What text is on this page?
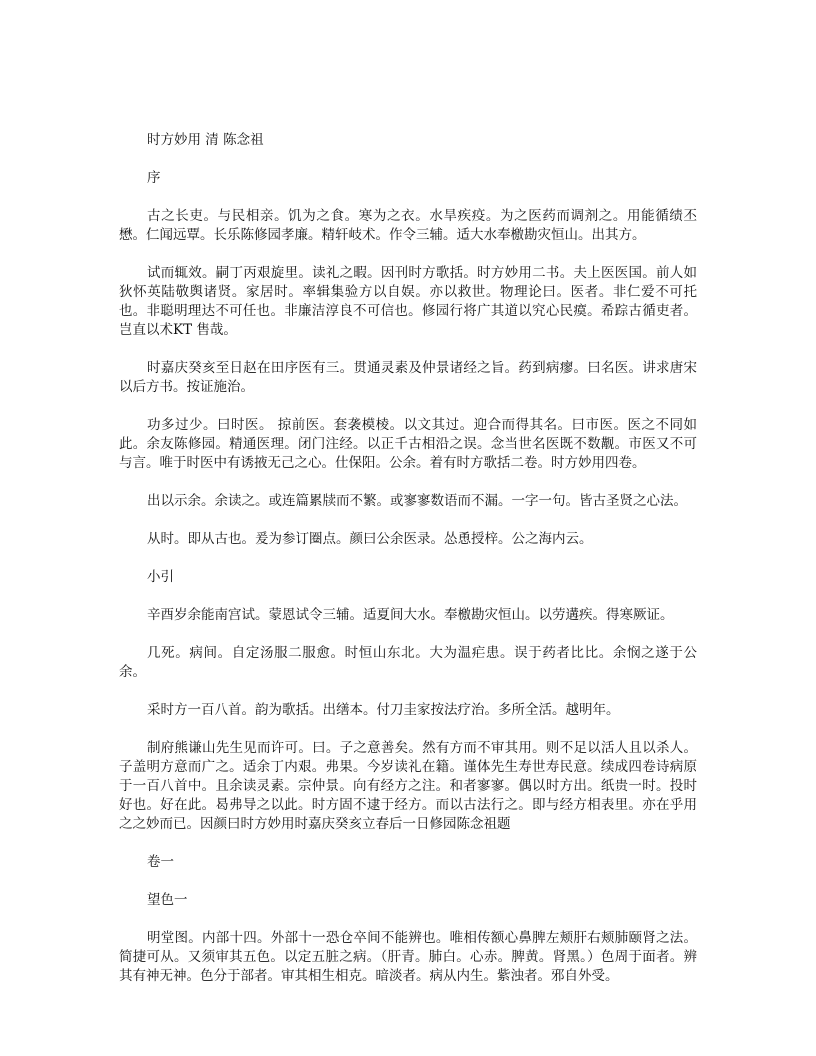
时方妙用 清 陈念祖

序

古之长吏。与民相亲。饥为之食。寒为之衣。水旱疾疫。为之医药而调剂之。用能循绩丕懋。仁闻远覃。长乐陈修园孝廉。精轩岐术。作令三辅。适大水奉檄勘灾恒山。出其方。

试而辄效。嗣丁丙艰旋里。读礼之暇。因刊时方歌括。时方妙用二书。夫上医医国。前人如狄怀英陆敬舆诸贤。家居时。率辑集验方以自娱。亦以救世。物理论曰。医者。非仁爱不可托也。非聪明理达不可任也。非廉洁淳良不可信也。修园行将广其道以究心民瘼。希踪古循吏者。岂直以术KT 售哉。

时嘉庆癸亥至日赵在田序医有三。贯通灵素及仲景诸经之旨。药到病瘳。曰名医。讲求唐宋以后方书。按证施治。

功多过少。曰时医。 掠前医。套袭模棱。以文其过。迎合而得其名。曰市医。医之不同如此。余友陈修园。精通医理。闭门注经。以正千古相沿之误。念当世名医既不数觏。市医又不可与言。唯于时医中有诱掖无己之心。仕保阳。公余。着有时方歌括二卷。时方妙用四卷。

出以示余。余读之。或连篇累牍而不繁。或寥寥数语而不漏。一字一句。皆古圣贤之心法。

从时。即从古也。爰为参订圈点。颜曰公余医录。怂恿授梓。公之海内云。

小引

辛酉岁余能南宫试。蒙恩试令三辅。适夏间大水。奉檄勘灾恒山。以劳遘疾。得寒厥证。

几死。病间。自定汤服二服愈。时恒山东北。大为温疟患。误于药者比比。余悯之遂于公余。

采时方一百八首。韵为歌括。出缮本。付刀圭家按法疗治。多所全活。越明年。

制府熊谦山先生见而许可。曰。子之意善矣。然有方而不审其用。则不足以活人且以杀人。子盖明方意而广之。适余丁内艰。弗果。今岁读礼在籍。谨体先生寿世寿民意。续成四卷诗病原于一百八首中。且余读灵素。宗仲景。向有经方之注。和者寥寥。偶以时方出。纸贵一时。投时好也。好在此。曷弗导之以此。时方固不逮于经方。而以古法行之。即与经方相表里。亦在乎用之之妙而已。因颜曰时方妙用时嘉庆癸亥立春后一日修园陈念祖题

卷一

望色一

明堂图。内部十四。外部十一恐仓卒间不能辨也。唯相传额心鼻脾左颊肝右颊肺颐肾之法。简捷可从。又须审其五色。以定五脏之病。（肝青。肺白。心赤。脾黄。肾黑。）色周于面者。辨其有神无神。色分于部者。审其相生相克。暗淡者。病从内生。紫浊者。邪自外受。
